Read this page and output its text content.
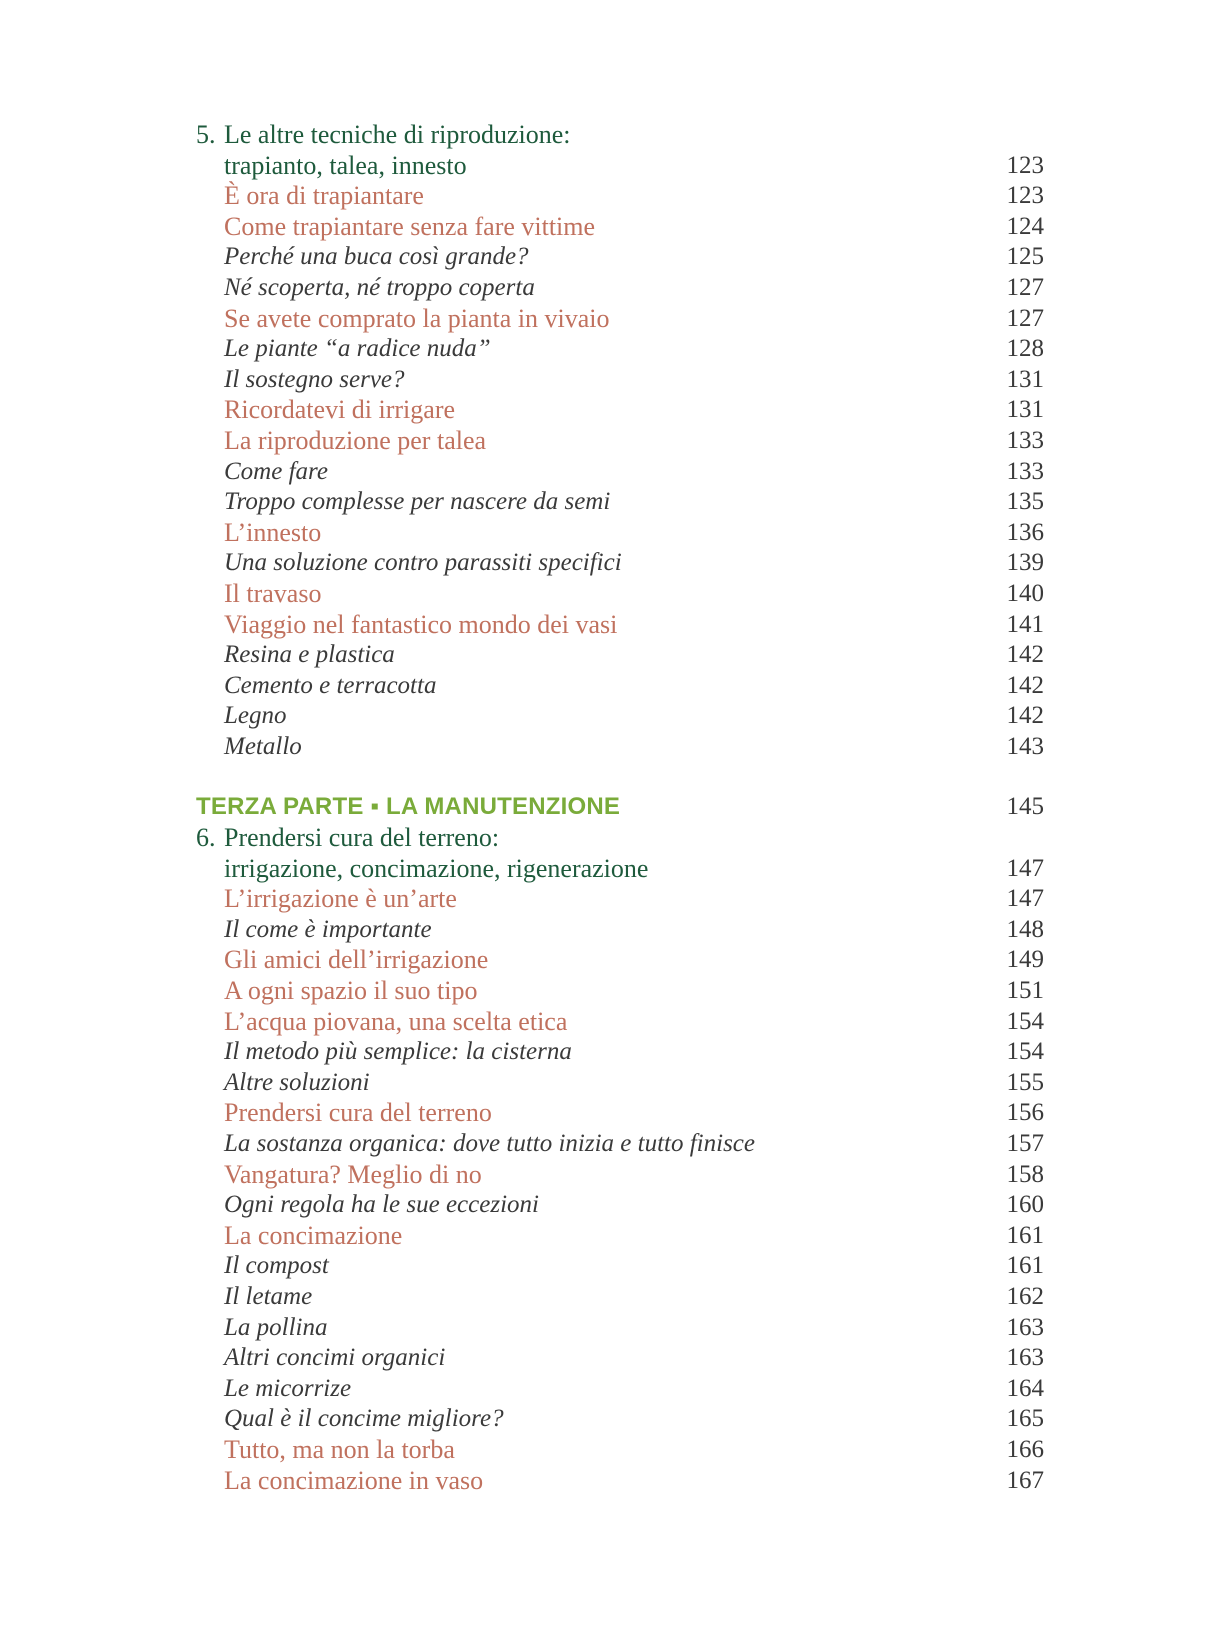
5. Le altre tecniche di riproduzione:
trapianto, talea, innesto	123
È ora di trapiantare	123
Come trapiantare senza fare vittime	124
Perché una buca così grande?	125
Né scoperta, né troppo coperta	127
Se avete comprato la pianta in vivaio	127
Le piante “a radice nuda”	128
Il sostegno serve?	131
Ricordatevi di irrigare	131
La riproduzione per talea	133
Come fare	133
Troppo complesse per nascere da semi	135
L’innesto	136
Una soluzione contro parassiti specifici	139
Il travaso	140
Viaggio nel fantastico mondo dei vasi	141
Resina e plastica	142
Cemento e terracotta	142
Legno	142
Metallo	143
TERZA PARTE ▪ LA MANUTENZIONE	145
6. Prendersi cura del terreno:
irrigazione, concimazione, rigenerazione	147
L’irrigazione è un’arte	147
Il come è importante	148
Gli amici dell’irrigazione	149
A ogni spazio il suo tipo	151
L’acqua piovana, una scelta etica	154
Il metodo più semplice: la cisterna	154
Altre soluzioni	155
Prendersi cura del terreno	156
La sostanza organica: dove tutto inizia e tutto finisce	157
Vangatura? Meglio di no	158
Ogni regola ha le sue eccezioni	160
La concimazione	161
Il compost	161
Il letame	162
La pollina	163
Altri concimi organici	163
Le micorrize	164
Qual è il concime migliore?	165
Tutto, ma non la torba	166
La concimazione in vaso	167
